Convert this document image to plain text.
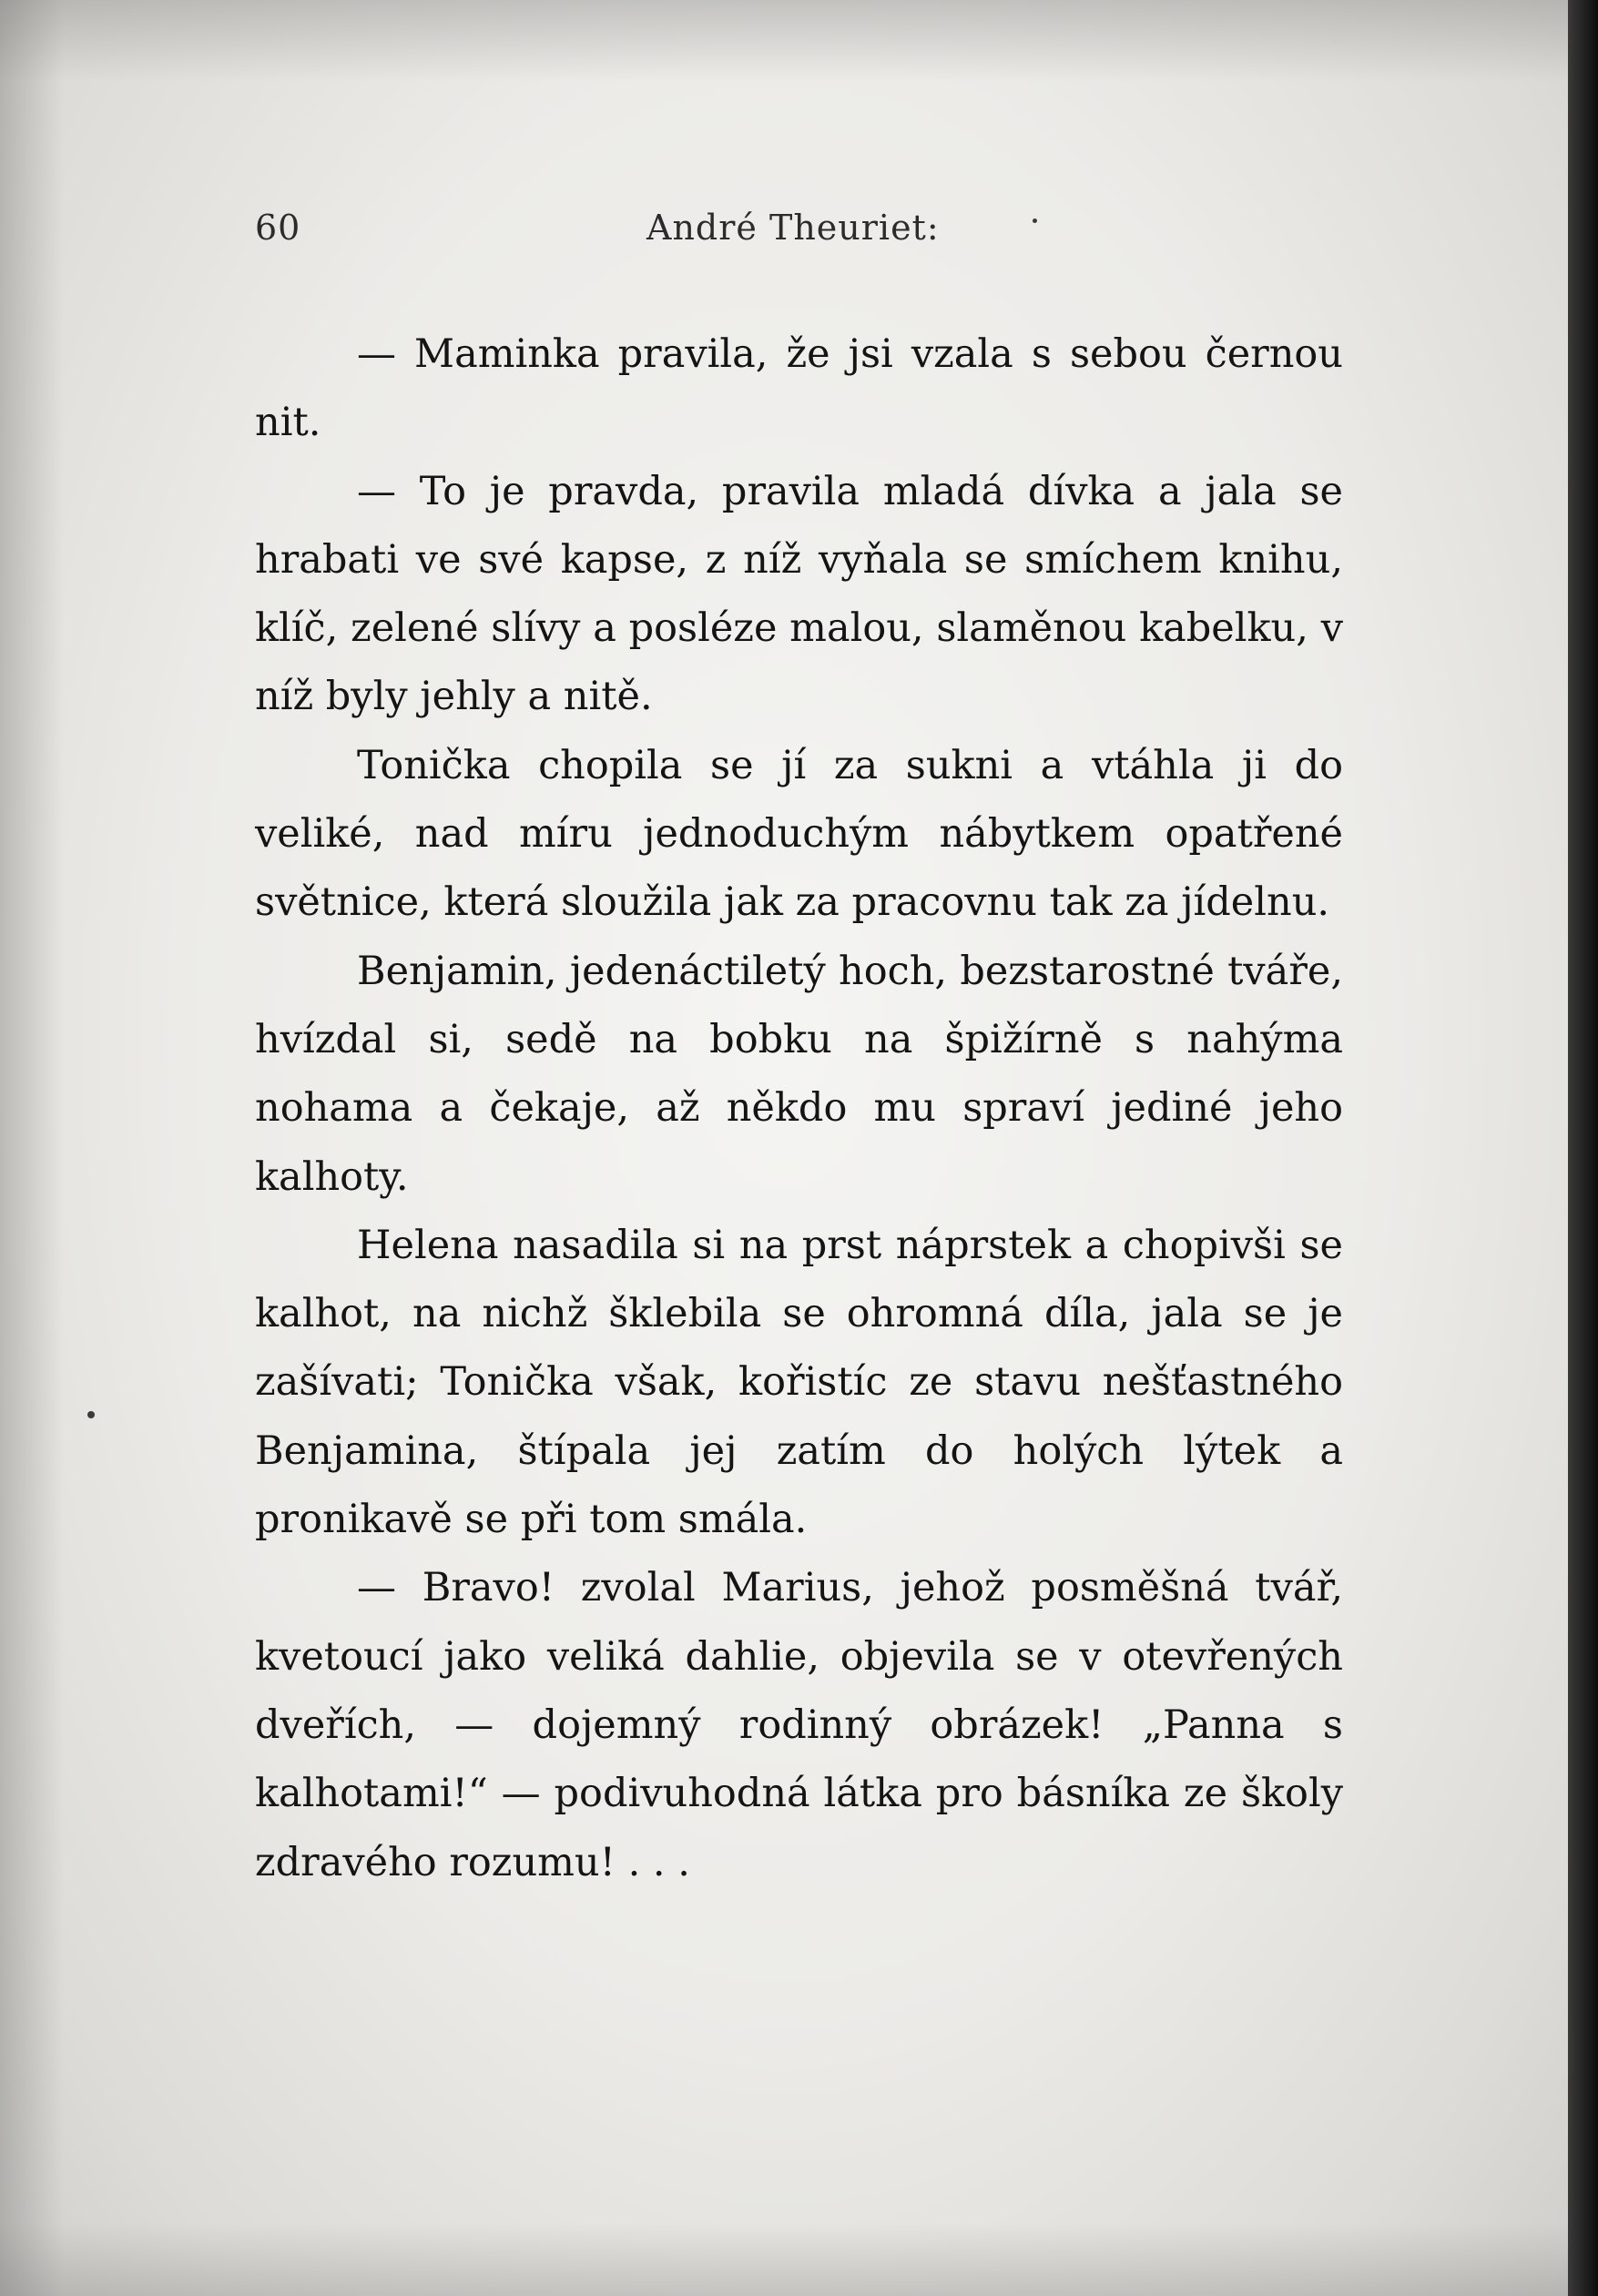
60	André Theuriet:

— Maminka pravila, že jsi vzala s sebou černou nit.

— To je pravda, pravila mladá dívka a jala se hrabati ve své kapse, z níž vyňala se smíchem knihu, klíč, zelené slívy a posléze malou, slaměnou kabelku, v níž byly jehly a nitě.

Tonička chopila se jí za sukni a vtáhla ji do veliké, nad míru jednoduchým nábytkem opatřené světnice, která sloužila jak za pracovnu tak za jídelnu.

Benjamin, jedenáctiletý hoch, bezstarostné tváře, hvízdal si, sedě na bobku na špižírně s nahýma nohama a čekaje, až někdo mu spraví jediné jeho kalhoty.

Helena nasadila si na prst náprstek a chopivši se kalhot, na nichž šklebila se ohromná díla, jala se je zašívati; Tonička však, kořistíc ze stavu nešťastného Benjamina, štípala jej zatím do holých lýtek a pronikavě se při tom smála.

— Bravo! zvolal Marius, jehož posměšná tvář, kvetoucí jako veliká dahlie, objevila se v otevřených dveřích, — dojemný rodinný obrázek! „Panna s kalhotami!“ — podivuhodná látka pro básníka ze školy zdravého rozumu! . . .
